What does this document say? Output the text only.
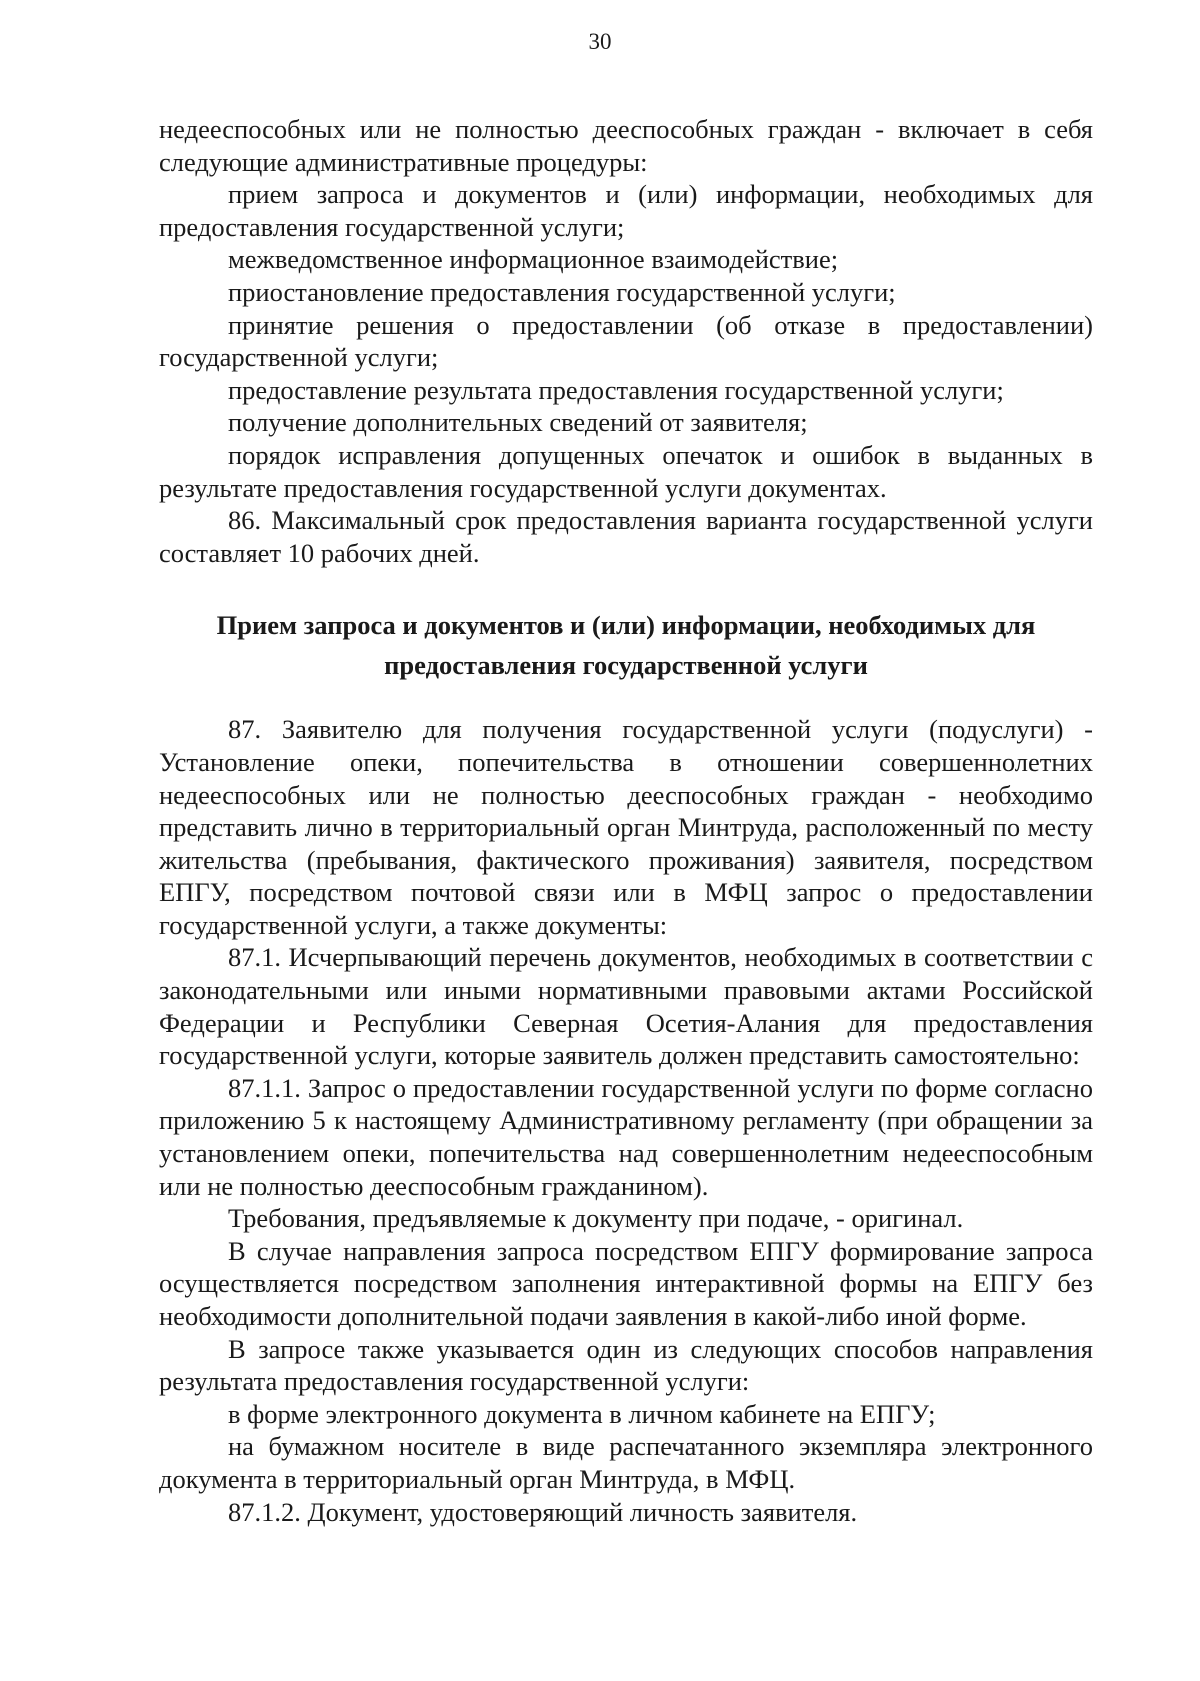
30

недееспособных или не полностью дееспособных граждан - включает в себя следующие административные процедуры:

прием запроса и документов и (или) информации, необходимых для предоставления государственной услуги;

межведомственное информационное взаимодействие;

приостановление предоставления государственной услуги;

принятие решения о предоставлении (об отказе в предоставлении) государственной услуги;

предоставление результата предоставления государственной услуги;

получение дополнительных сведений от заявителя;

порядок исправления допущенных опечаток и ошибок в выданных в результате предоставления государственной услуги документах.

86. Максимальный срок предоставления варианта государственной услуги составляет 10 рабочих дней.

Прием запроса и документов и (или) информации, необходимых для предоставления государственной услуги

87. Заявителю для получения государственной услуги (подуслуги) - Установление опеки, попечительства в отношении совершеннолетних недееспособных или не полностью дееспособных граждан - необходимо представить лично в территориальный орган Минтруда, расположенный по месту жительства (пребывания, фактического проживания) заявителя, посредством ЕПГУ, посредством почтовой связи или в МФЦ запрос о предоставлении государственной услуги, а также документы:

87.1. Исчерпывающий перечень документов, необходимых в соответствии с законодательными или иными нормативными правовыми актами Российской Федерации и Республики Северная Осетия-Алания для предоставления государственной услуги, которые заявитель должен представить самостоятельно:

87.1.1. Запрос о предоставлении государственной услуги по форме согласно приложению 5 к настоящему Административному регламенту (при обращении за установлением опеки, попечительства над совершеннолетним недееспособным или не полностью дееспособным гражданином).

Требования, предъявляемые к документу при подаче, - оригинал.

В случае направления запроса посредством ЕПГУ формирование запроса осуществляется посредством заполнения интерактивной формы на ЕПГУ без необходимости дополнительной подачи заявления в какой-либо иной форме.

В запросе также указывается один из следующих способов направления результата предоставления государственной услуги:

в форме электронного документа в личном кабинете на ЕПГУ;

на бумажном носителе в виде распечатанного экземпляра электронного документа в территориальный орган Минтруда, в МФЦ.

87.1.2. Документ, удостоверяющий личность заявителя.
